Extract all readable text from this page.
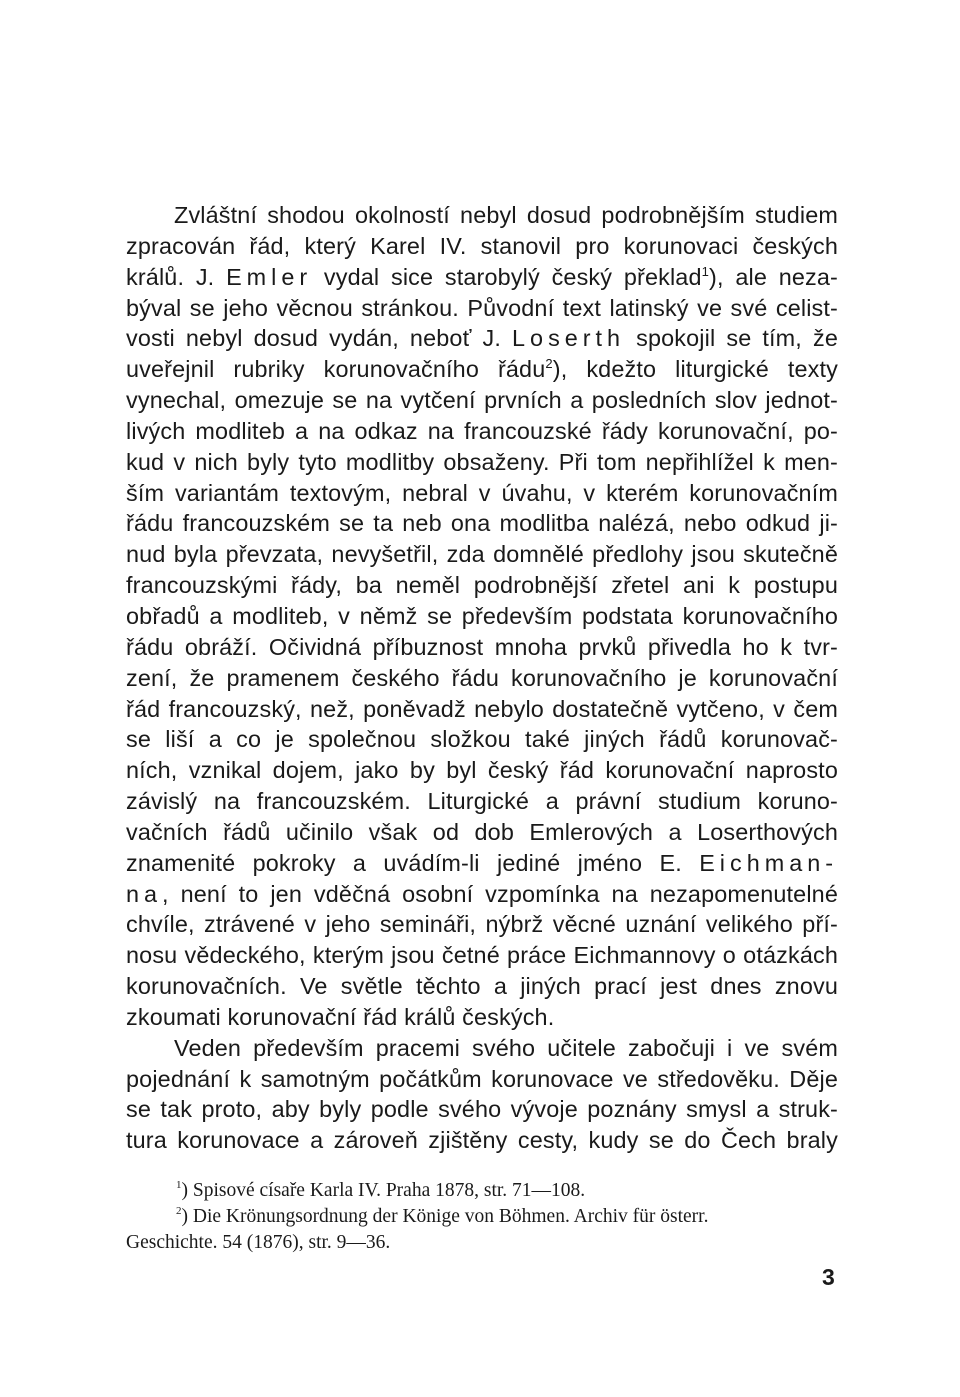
Zvláštní shodou okolností nebyl dosud podrobnějším studiem
zpracován řád, který Karel IV. stanovil pro korunovaci českých
králů. J. Emler vydal sice starobylý český překlad$^1$), ale neza-
býval se jeho věcnou stránkou. Původní text latinský ve své celist-
vosti nebyl dosud vydán, neboť J. Loserth spokojil se tím, že
uveřejnil rubriky korunovačního řádu$^2$), kdežto liturgické texty
vynechal, omezuje se na vytčení prvních a posledních slov jednot-
livých modliteb a na odkaz na francouzské řády korunovační, po-
kud v nich byly tyto modlitby obsaženy. Při tom nepřihlížel k men-
ším variantám textovým, nebral v úvahu, v kterém korunovačním
řádu francouzském se ta neb ona modlitba nalézá, nebo odkud ji-
nud byla převzata, nevyšetřil, zda domnělé předlohy jsou skutečně
francouzskými řády, ba neměl podrobnější zřetel ani k postupu
obřadů a modliteb, v němž se především podstata korunovačního
řádu obráží. Očividná příbuznost mnoha prvků přivedla ho k tvr-
zení, že pramenem českého řádu korunovačního je korunovační
řád francouzský, než, poněvadž nebylo dostatečně vytčeno, v čem
se liší a co je společnou složkou také jiných řádů korunovač-
ních, vznikal dojem, jako by byl český řád korunovační naprosto
závislý na francouzském. Liturgické a právní studium koruno-
vačních řádů učinilo však od dob Emlerových a Loserthových
znamenité pokroky a uvádím-li jediné jméno E. Eichman-
na, není to jen vděčná osobní vzpomínka na nezapomenutelné
chvíle, ztrávené v jeho semináři, nýbrž věcné uznání velikého pří-
nosu vědeckého, kterým jsou četné práce Eichmannovy o otázkách
korunovačních. Ve světle těchto a jiných prací jest dnes znovu
zkoumati korunovační řád králů českých.
Veden především pracemi svého učitele zabočuji i ve svém
pojednání k samotným počátkům korunovace ve středověku. Děje
se tak proto, aby byly podle svého vývoje poznány smysl a struk-
tura korunovace a zároveň zjištěny cesty, kudy se do Čech braly
$^1$) Spisové císaře Karla IV. Praha 1878, str. 71—108.
$^2$) Die Krönungsordnung der Könige von Böhmen. Archiv für österr.
Geschichte. 54 (1876), str. 9—36.
3
